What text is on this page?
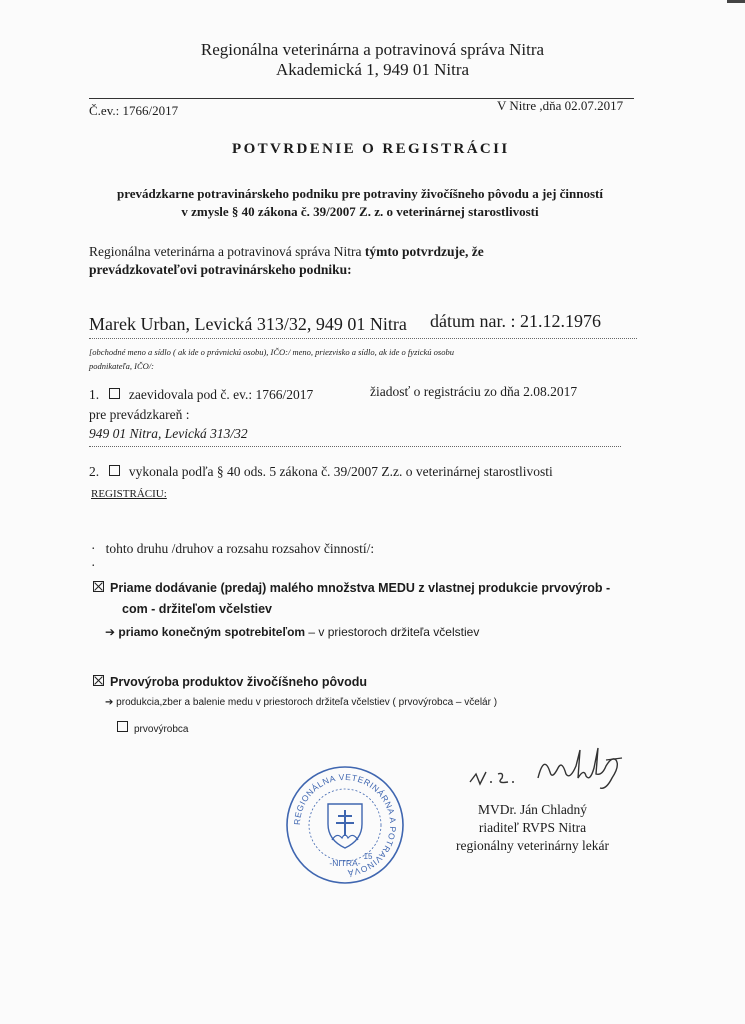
Regionálna veterinárna a potravinová správa Nitra
Akademická 1, 949 01 Nitra
Č.ev.: 1766/2017	V Nitre ,dňa 02.07.2017
POTVRDENIE O REGISTRÁCII
prevádzkarne potravinárskeho podniku pre potraviny živočíšneho pôvodu a jej činností
v zmysle § 40 zákona č. 39/2007 Z. z. o veterinárnej starostlivosti
Regionálna veterinárna a potravinová správa Nitra týmto potvrdzuje, že
prevádzkovateľovi potravinárskeho podniku:
Marek Urban, Levická 313/32, 949 01 Nitra dátum nar. : 21.12.1976
[obchodné meno a sídlo ( ak ide o právnickú osobu), IČO:/ meno, priezvisko a sídlo, ak ide o fyzickú osobu
podnikateľa, IČO/:
1. zaevidovala pod č. ev.: 1766/2017	žiadosť o registráciu zo dňa 2.08.2017
pre prevádzkareň :
949 01 Nitra, Levická 313/32
2. vykonala podľa § 40 ods. 5 zákona č. 39/2007 Z.z. o veterinárnej starostlivosti
REGISTRÁCIU:
· tohto druhu /druhov a rozsahu rozsahov činností/:
·
Priame dodávanie (predaj) malého množstva MEDU z vlastnej produkcie prvovýrob -
com - držiteľom včelstiev
➔ priamo konečným spotrebiteľom – v priestoroch držiteľa včelstiev
Prvovýroba produktov živočíšneho pôvodu
➔ produkcia,zber a balenie medu v priestoroch držiteľa včelstiev ( prvovýrobca – včelár )
prvovýrobca
REGIONÁLNA VETERINÁRNA A POTRAVINOVÁ
-NITRA-
15
MVDr. Ján Chladný
riaditeľ RVPS Nitra
regionálny veterinárny lekár
